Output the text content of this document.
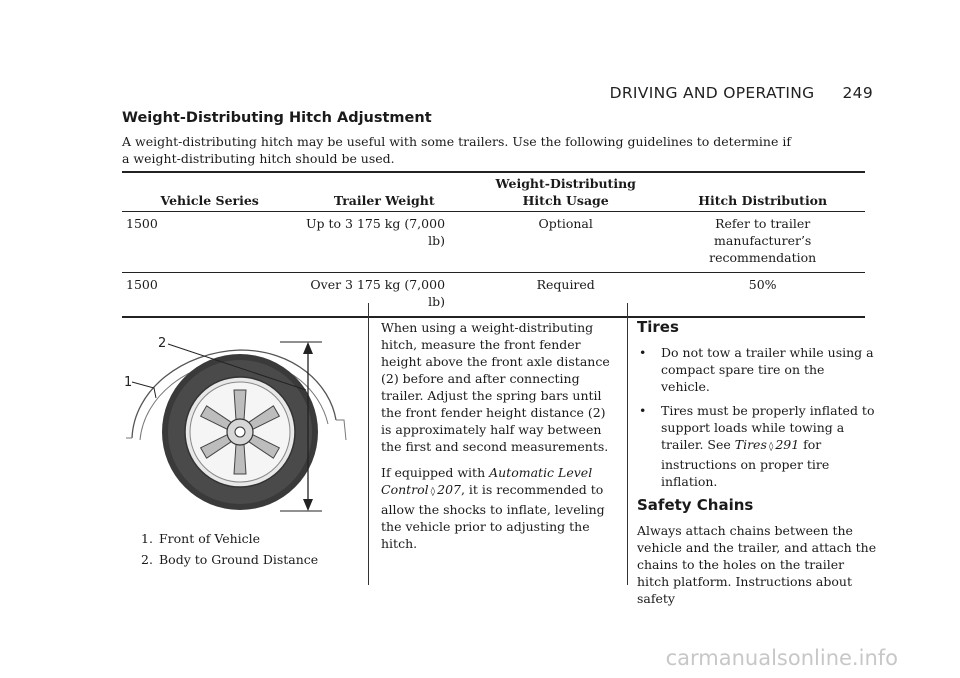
DRIVING AND OPERATING 249
Weight-Distributing Hitch Adjustment
A weight-distributing hitch may be useful with some trailers. Use the following guidelines to determine if a weight-distributing hitch should be used.
Vehicle Series	Trailer Weight	Weight-Distributing Hitch Usage	Hitch Distribution
1500	Up to 3 175 kg (7,000 lb)	Optional	Refer to trailer manufacturer’s recommendation
1500	Over 3 175 kg (7,000 lb)	Required	50%
2
1
1. Front of Vehicle
2. Body to Ground Distance

When using a weight-distributing hitch, measure the front fender height above the front axle distance (2) before and after connecting trailer. Adjust the spring bars until the front fender height distance (2) is approximately half way between the first and second measurements.

If equipped with Automatic Level Control ◊ 207, it is recommended to allow the shocks to inflate, leveling the vehicle prior to adjusting the hitch.

Tires
• Do not tow a trailer while using a compact spare tire on the vehicle.
• Tires must be properly inflated to support loads while towing a trailer. See Tires ◊ 291 for instructions on proper tire inflation.
Safety Chains

Always attach chains between the vehicle and the trailer, and attach the chains to the holes on the trailer hitch platform. Instructions about safety

carmanualsonline.info
